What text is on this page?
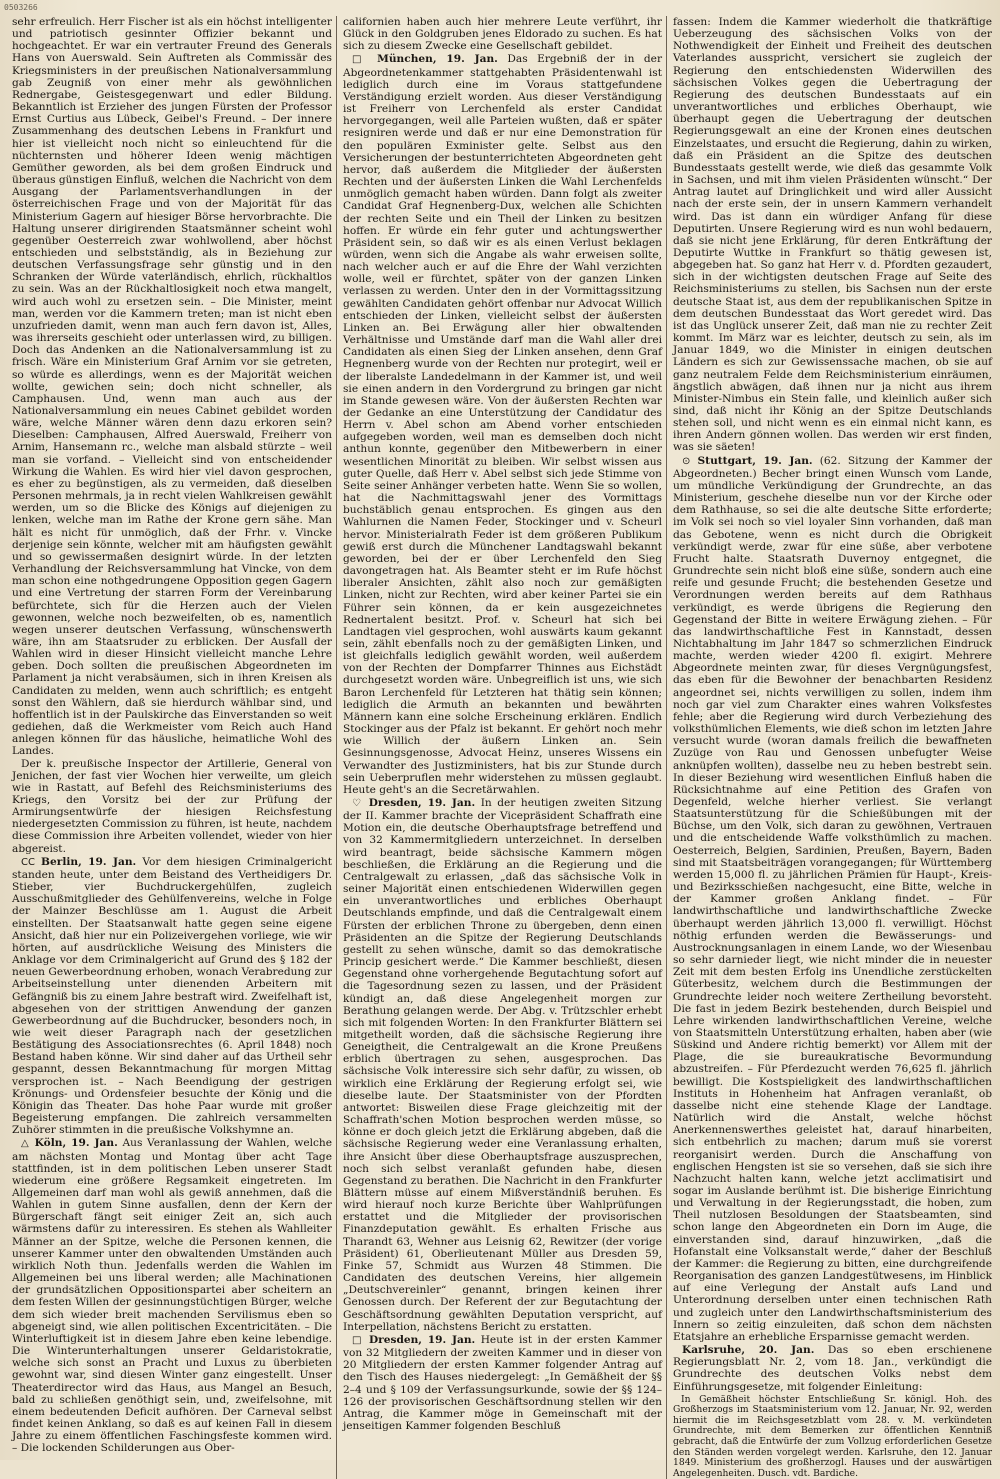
0503266

sehr erfreulich. Herr Fischer ist als ein höchst intelligenter und patriotisch gesinnter Offizier bekannt und hochgeachtet. Er war ein vertrauter Freund des Generals Hans von Auerswald. Sein Auftreten als Commissär des Kriegsministers in der preußischen Nationalversammlung gab Zeugniß von einer mehr als gewöhnlichen Rednergabe, Geistesgegenwart und edler Bildung. Bekanntlich ist Erzieher des jungen Fürsten der Professor Ernst Curtius aus Lübeck, Geibel's Freund. – Der innere Zusammenhang des deutschen Lebens in Frankfurt und hier ist vielleicht noch nicht so einleuchtend für die nüchternsten und höherer Ideen wenig mächtigen Gemüther geworden, als bei dem großen Eindruck und überaus günstigen Einfluß, welchen die Nachricht von dem Ausgang der Parlamentsverhandlungen in der österreichischen Frage und von der Majorität für das Ministerium Gagern auf hiesiger Börse hervorbrachte. Die Haltung unserer dirigirenden Staatsmänner scheint wohl gegenüber Oesterreich zwar wohlwollend, aber höchst entschieden und selbstständig, als in Beziehung zur deutschen Verfassungsfrage sehr günstig und in den Schranken der Würde vaterländisch, ehrlich, rückhaltlos zu sein. Was an der Rückhaltlosigkeit noch etwa mangelt, wird auch wohl zu ersetzen sein. – Die Minister, meint man, werden vor die Kammern treten; man ist nicht eben unzufrieden damit, wenn man auch fern davon ist, Alles, was ihrerseits geschieht oder unterlassen wird, zu billigen. Doch das Andenken an die Nationalversammlung ist zu frisch. Wäre ein Ministerium Graf Arnim vor sie getreten, so würde es allerdings, wenn es der Majorität weichen wollte, gewichen sein; doch nicht schneller, als Camphausen. Und, wenn man auch aus der Nationalversammlung ein neues Cabinet gebildet worden wäre, welche Männer wären denn dazu erkoren sein? Dieselben: Camphausen, Alfred Auerswald, Freiherr von Arnim, Hansemann rc., welche man alsbald stürzte – weil man sie vorfand. – Vielleicht sind von entscheidender Wirkung die Wahlen. Es wird hier viel davon gesprochen, es eher zu begünstigen, als zu vermeiden, daß dieselben Personen mehrmals, ja in recht vielen Wahlkreisen gewählt werden, um so die Blicke des Königs auf diejenigen zu lenken, welche man im Rathe der Krone gern sähe. Man hält es nicht für unmöglich, daß der Frhr. v. Vincke derjenige sein könnte, welcher mit am häufigsten gewählt und so gewissermaßen designirt würde. In der letzten Verhandlung der Reichsversammlung hat Vincke, von dem man schon eine nothgedrungene Opposition gegen Gagern und eine Vertretung der starren Form der Vereinbarung befürchtete, sich für die Herzen auch der Vielen gewonnen, welche noch bezweifelten, ob es, namentlich wegen unserer deutschen Verfassung, wünschenswerth wäre, ihn am Staatsruder zu erblicken. Der Ausfall der Wahlen wird in dieser Hinsicht vielleicht manche Lehre geben. Doch sollten die preußischen Abgeordneten im Parlament ja nicht verabsäumen, sich in ihren Kreisen als Candidaten zu melden, wenn auch schriftlich; es entgeht sonst den Wählern, daß sie hierdurch wählbar sind, und hoffentlich ist in der Paulskirche das Einverstanden so weit gediehen, daß die Werkmeister vom Reich auch Hand anlegen können für das häusliche, heimatliche Wohl des Landes.

Der k. preußische Inspector der Artillerie, General von Jenichen, der fast vier Wochen hier verweilte, um gleich wie in Rastatt, auf Befehl des Reichsministeriums des Kriegs, den Vorsitz bei der zur Prüfung der Armirungsentwürfe der hiesigen Reichsfestung niedergesetzten Commission zu führen, ist heute, nachdem diese Commission ihre Arbeiten vollendet, wieder von hier abgereist.

CC Berlin, 19. Jan. Vor dem hiesigen Criminalgericht standen heute, unter dem Beistand des Vertheidigers Dr. Stieber, vier Buchdruckergehülfen, zugleich Ausschußmitglieder des Gehülfenvereins, welche in Folge der Mainzer Beschlüsse am 1. August die Arbeit einstellten. Der Staatsanwalt hatte gegen seine eigene Ansicht, daß hier nur ein Polizeivergehen vorliege, wie wir hörten, auf ausdrückliche Weisung des Ministers die Anklage vor dem Criminalgericht auf Grund des § 182 der neuen Gewerbeordnung erhoben, wonach Verabredung zur Arbeitseinstellung unter dienenden Arbeitern mit Gefängniß bis zu einem Jahre bestraft wird. Zweifelhaft ist, abgesehen von der strittigen Anwendung der ganzen Gewerbeordnung auf die Buchdrucker, besonders noch, in wie weit dieser Paragraph nach der gesetzlichen Bestätigung des Associationsrechtes (6. April 1848) noch Bestand haben könne. Wir sind daher auf das Urtheil sehr gespannt, dessen Bekanntmachung für morgen Mittag versprochen ist. – Nach Beendigung der gestrigen Krönungs- und Ordensfeier besuchte der König und die Königin das Theater. Das hohe Paar wurde mit großer Begeisterung empfangen. Die zahlreich versammelten Zuhörer stimmten in die preußische Volkshymne an.

△ Köln, 19. Jan. Aus Veranlassung der Wahlen, welche am nächsten Montag und Montag über acht Tage stattfinden, ist in dem politischen Leben unserer Stadt wiederum eine größere Regsamkeit eingetreten. Im Allgemeinen darf man wohl als gewiß annehmen, daß die Wahlen in gutem Sinne ausfallen, denn der Kern der Bürgerschaft fängt seit einiger Zeit an, sich auch wärmstens dafür zu interessiren. Es stehen als Wahlleiter Männer an der Spitze, welche die Personen kennen, die unserer Kammer unter den obwaltenden Umständen auch wirklich Noth thun. Jedenfalls werden die Wahlen im Allgemeinen bei uns liberal werden; alle Machinationen der grundsätzlichen Oppositionspartei aber scheitern an dem festen Willen der gesinnungstüchtigen Bürger, welche dem sich wieder breit machenden Servilismus eben so abgeneigt sind, wie allen politischen Excentricitäten. – Die Winterluftigkeit ist in diesem Jahre eben keine lebendige. Die Winterunterhaltungen unserer Geldaristokratie, welche sich sonst an Pracht und Luxus zu überbieten gewohnt war, sind diesen Winter ganz eingestellt. Unser Theaterdirector wird das Haus, aus Mangel an Besuch, bald zu schließen genöthigt sein, und, zweifelsohne, mit einem bedeutenden Deficit aufhören. Der Carneval selbst findet keinen Anklang, so daß es auf keinen Fall in diesem Jahre zu einem öffentlichen Faschingsfeste kommen wird. – Die lockenden Schilderungen aus Ober-

californien haben auch hier mehrere Leute verführt, ihr Glück in den Goldgruben jenes Eldorado zu suchen. Es hat sich zu diesem Zwecke eine Gesellschaft gebildet.

□ München, 19. Jan. Das Ergebniß der in der Abgeordnetenkammer stattgehabten Präsidentenwahl ist lediglich durch eine im Voraus stattgefundene Verständigung erzielt worden. Aus dieser Verständigung ist Freiherr von Lerchenfeld als erster Candidat hervorgegangen, weil alle Parteien wußten, daß er später resigniren werde und daß er nur eine Demonstration für den populären Exminister gelte. Selbst aus den Versicherungen der bestunterrichteten Abgeordneten geht hervor, daß außerdem die Mitglieder der äußersten Rechten und der äußersten Linken die Wahl Lerchenfelds unmöglich gemacht haben würden. Dann folgt als zweiter Candidat Graf Hegnenberg-Dux, welchen alle Schichten der rechten Seite und ein Theil der Linken zu besitzen hoffen. Er würde ein fehr guter und achtungswerther Präsident sein, so daß wir es als einen Verlust beklagen würden, wenn sich die Angabe als wahr erweisen sollte, nach welcher auch er auf die Ehre der Wahl verzichten wolle, weil er fürchtet, später von der ganzen Linken verlassen zu werden. Unter den in der Vormittagssitzung gewählten Candidaten gehört offenbar nur Advocat Willich entschieden der Linken, vielleicht selbst der äußersten Linken an. Bei Erwägung aller hier obwaltenden Verhältnisse und Umstände darf man die Wahl aller drei Candidaten als einen Sieg der Linken ansehen, denn Graf Hegnenberg wurde von der Rechten nur protegirt, weil er der liberalste Landedelmann in der Kammer ist, und weil sie einen andern in den Vordergrund zu bringen gar nicht im Stande gewesen wäre. Von der äußersten Rechten war der Gedanke an eine Unterstützung der Candidatur des Herrn v. Abel schon am Abend vorher entschieden aufgegeben worden, weil man es demselben doch nicht anthun konnte, gegenüber den Mitbewerbern in einer wesentlichen Minorität zu bleiben. Wir selbst wissen aus guter Quelle, daß Herr v. Abel selbst sich jede Stimme von Seite seiner Anhänger verbeten hatte. Wenn Sie so wollen, hat die Nachmittagswahl jener des Vormittags buchstäblich genau entsprochen. Es gingen aus den Wahlurnen die Namen Feder, Stockinger und v. Scheurl hervor. Ministerialrath Feder ist dem größeren Publikum gewiß erst durch die Münchener Landtagswahl bekannt geworden, bei der er über Lerchenfeld den Sieg davongetragen hat. Als Beamter steht er im Rufe höchst liberaler Ansichten, zählt also noch zur gemäßigten Linken, nicht zur Rechten, wird aber keiner Partei sie ein Führer sein können, da er kein ausgezeichnetes Rednertalent besitzt. Prof. v. Scheurl hat sich bei Landtagen viel gesprochen, wohl auswärts kaum gekannt sein, zählt ebenfalls noch zu der gemäßigten Linken, und ist gleichfalls lediglich gewählt worden, weil außerdem von der Rechten der Dompfarrer Thinnes aus Eichstädt durchgesetzt worden wäre. Unbegreiflich ist uns, wie sich Baron Lerchenfeld für Letzteren hat thätig sein können; lediglich die Armuth an bekannten und bewährten Männern kann eine solche Erscheinung erklären. Endlich Stockinger aus der Pfalz ist bekannt. Er gehört noch mehr wie Willich der äußern Linken an. Sein Gesinnungsgenosse, Advocat Heinz, unseres Wissens ein Verwandter des Justizministers, hat bis zur Stunde durch sein Ueberpruflen mehr widerstehen zu müssen geglaubt. Heute geht's an die Secretärwahlen.

♡ Dresden, 19. Jan. In der heutigen zweiten Sitzung der II. Kammer brachte der Vicepräsident Schaffrath eine Motion ein, die deutsche Oberhauptsfrage betreffend und von 32 Kammermitgliedern unterzeichnet. In derselben wird beantragt, beide sächsische Kammern mögen beschließen, die Erklärung an die Regierung und die Centralgewalt zu erlassen, „daß das sächsische Volk in seiner Majorität einen entschiedenen Widerwillen gegen ein unverantwortliches und erbliches Oberhaupt Deutschlands empfinde, und daß die Centralgewalt einem Fürsten der erblichen Throne zu übergeben, denn einen Präsidenten an die Spitze der Regierung Deutschlands gestellt zu sehen wünsche, damit so das demokratische Princip gesichert werde.“ Die Kammer beschließt, diesen Gegenstand ohne vorhergehende Begutachtung sofort auf die Tagesordnung sezen zu lassen, und der Präsident kündigt an, daß diese Angelegenheit morgen zur Berathung gelangen werde. Der Abg. v. Trützschler erhebt sich mit folgenden Worten: In den Frankfurter Blättern sei mitgetheilt worden, daß die sächsische Regierung ihre Geneigtheit, die Centralgewalt an die Krone Preußens erblich übertragen zu sehen, ausgesprochen. Das sächsische Volk interessire sich sehr dafür, zu wissen, ob wirklich eine Erklärung der Regierung erfolgt sei, wie dieselbe laute. Der Staatsminister von der Pfordten antwortet: Bisweilen diese Frage gleichzeitig mit der Schaffrath'schen Motion besprochen werden müsse, so könne er doch gleich jetzt die Erklärung abgeben, daß die sächsische Regierung weder eine Veranlassung erhalten, ihre Ansicht über diese Oberhauptsfrage auszusprechen, noch sich selbst veranlaßt gefunden habe, diesen Gegenstand zu berathen. Die Nachricht in den Frankfurter Blättern müsse auf einem Mißverständniß beruhen. Es wird hierauf noch kurze Berichte über Wahlprüfungen erstattet und die Mitglieder der provisorischen Finanzdeputation gewählt. Es erhalten Frische aus Tharandt 63, Wehner aus Leisnig 62, Rewitzer (der vorige Präsident) 61, Oberlieutenant Müller aus Dresden 59, Finke 57, Schmidt aus Wurzen 48 Stimmen. Die Candidaten des deutschen Vereins, hier allgemein „Deutschvereinler“ genannt, bringen keinen ihrer Genossen durch. Der Referent der zur Begutachtung der Geschäftsordnung gewählten Deputation verspricht, auf Interpellation, nächstens Bericht zu erstatten.

□ Dresden, 19. Jan. Heute ist in der ersten Kammer von 32 Mitgliedern der zweiten Kammer und in dieser von 20 Mitgliedern der ersten Kammer folgender Antrag auf den Tisch des Hauses niedergelegt: „In Gemäßheit der §§ 2–4 und § 109 der Verfassungsurkunde, sowie der §§ 124–126 der provisorischen Geschäftsordnung stellen wir den Antrag, die Kammer möge in Gemeinschaft mit der jenseitigen Kammer folgenden Beschluß

fassen: Indem die Kammer wiederholt die thatkräftige Ueberzeugung des sächsischen Volks von der Nothwendigkeit der Einheit und Freiheit des deutschen Vaterlandes ausspricht, versichert sie zugleich der Regierung den entschiedensten Widerwillen des sächsischen Volkes gegen die Uebertragung der Regierung des deutschen Bundesstaats auf ein unverantwortliches und erbliches Oberhaupt, wie überhaupt gegen die Uebertragung der deutschen Regierungsgewalt an eine der Kronen eines deutschen Einzelstaates, und ersucht die Regierung, dahin zu wirken, daß ein Präsident an die Spitze des deutschen Bundesstaats gestellt werde, wie dieß das gesammte Volk in Sachsen, und mit ihm vielen Präsidenten wünscht.“ Der Antrag lautet auf Dringlichkeit und wird aller Aussicht nach der erste sein, der in unsern Kammern verhandelt wird. Das ist dann ein würdiger Anfang für diese Deputirten. Unsere Regierung wird es nun wohl bedauern, daß sie nicht jene Erklärung, für deren Entkräftung der Deputirte Wuttke in Frankfurt so thätig gewesen ist, abgegeben hat. So ganz hat Herr v. d. Pfordten gezaudert, sich in der wichtigsten deutschen Frage auf Seite des Reichsministeriums zu stellen, bis Sachsen nun der erste deutsche Staat ist, aus dem der republikanischen Spitze in dem deutschen Bundesstaat das Wort geredet wird. Das ist das Unglück unserer Zeit, daß man nie zu rechter Zeit kommt. Im März war es leichter, deutsch zu sein, als im Januar 1849, wo die Minister in einigen deutschen Ländern es sich zur Gewissenssache machen, ob sie auf ganz neutralem Felde dem Reichsministerium einräumen, ängstlich abwägen, daß ihnen nur ja nicht aus ihrem Minister-Nimbus ein Stein falle, und kleinlich außer sich sind, daß nicht ihr König an der Spitze Deutschlands stehen soll, und nicht wenn es ein einmal nicht kann, es ihren Andern gönnen wollen. Das werden wir erst finden, was sie säeten!

⊙ Stuttgart, 19. Jan. (62. Sitzung der Kammer der Abgeordneten.) Becher bringt einen Wunsch vom Lande, um mündliche Verkündigung der Grundrechte, an das Ministerium, geschehe dieselbe nun vor der Kirche oder dem Rathhause, so sei die alte deutsche Sitte erforderte; im Volk sei noch so viel loyaler Sinn vorhanden, daß man das Gebotene, wenn es nicht durch die Obrigkeit verkündigt werde, zwar für eine süße, aber verbotene Frucht halte. Staatsrath Duvernoy entgegnet, die Grundrechte sein nicht bloß eine süße, sondern auch eine reife und gesunde Frucht; die bestehenden Gesetze und Verordnungen werden bereits auf dem Rathhaus verkündigt, es werde übrigens die Regierung den Gegenstand der Bitte in weitere Erwägung ziehen. – Für das landwirthschaftliche Fest in Kannstadt, dessen Nichtabhaltung im Jahr 1847 so schmerzlichen Eindruck machte, werden wieder 4200 fl. exigirt. Mehrere Abgeordnete meinten zwar, für dieses Vergnügungsfest, das eben für die Bewohner der benachbarten Residenz angeordnet sei, nichts verwilligen zu sollen, indem ihm noch gar viel zum Charakter eines wahren Volksfestes fehle; aber die Regierung wird durch Verbeziehung des volksthümlichen Elements, wie dieß schon im letzten Jahre versucht wurde (woran damals freilich die bewaffneten Zuzüge von Rau und Genossen unbefugter Weise anknüpfen wollten), dasselbe neu zu heben bestrebt sein. In dieser Beziehung wird wesentlichen Einfluß haben die Rücksichtnahme auf eine Petition des Grafen von Degenfeld, welche hierher verliest. Sie verlangt Staatsunterstützung für die Schießübungen mit der Büchse, um den Volk, sich daran zu gewöhnen, Vertrauen und die entscheidende Waffe volksthümlich zu machen. Oesterreich, Belgien, Sardinien, Preußen, Bayern, Baden sind mit Staatsbeiträgen vorangegangen; für Württemberg werden 15,000 fl. zu jährlichen Prämien für Haupt-, Kreis- und Bezirksschießen nachgesucht, eine Bitte, welche in der Kammer großen Anklang findet. – Für landwirthschaftliche und landwirthschaftliche Zwecke überhaupt werden jährlich 13,000 fl. verwilligt. Höchst nöthig erfunden werden die Bewässerungs- und Austrocknungsanlagen in einem Lande, wo der Wiesenbau so sehr darnieder liegt, wie nicht minder die in neuester Zeit mit dem besten Erfolg ins Unendliche zerstückelten Güterbesitz, welchem durch die Bestimmungen der Grundrechte leider noch weitere Zertheilung bevorsteht. Die fast in jedem Bezirk bestehenden, durch Beispiel und Lehre wirkenden landwirthschaftlichen Vereine, welche von Staatsmitteln Unterstützung erhalten, haben aber (wie Süskind und Andere richtig bemerkt) vor Allem mit der Plage, die sie bureaukratische Bevormundung abzustreifen. – Für Pferdezucht werden 76,625 fl. jährlich bewilligt. Die Kostspieligkeit des landwirthschaftlichen Instituts in Hohenheim hat Anfragen veranlaßt, ob dasselbe nicht eine stehende Klage der Landtage. Natürlich wird die Anstalt, welche höchst Anerkennenswerthes geleistet hat, darauf hinarbeiten, sich entbehrlich zu machen; darum muß sie vorerst reorganisirt werden. Durch die Anschaffung von englischen Hengsten ist sie so versehen, daß sie sich ihre Nachzucht halten kann, welche jetzt acclimatisirt und sogar im Auslande berühmt ist. Die bisherige Einrichtung und Verwaltung in der Regierungsstadt, die hoben, zum Theil nutzlosen Besoldungen der Staatsbeamten, sind schon lange den Abgeordneten ein Dorn im Auge, die einverstanden sind, darauf hinzuwirken, „daß die Hofanstalt eine Volksanstalt werde,“ daher der Beschluß der Kammer: die Regierung zu bitten, eine durchgreifende Reorganisation des ganzen Landgestütwesens, im Hinblick auf eine Verlegung der Anstalt aufs Land und Unterordnung derselben unter einen technischen Rath und zugleich unter den Landwirthschaftsministerium des Innern so zeitig einzuleiten, daß schon dem nächsten Etatsjahre an erhebliche Ersparnisse gemacht werden.

Karlsruhe, 20. Jan. Das so eben erschienene Regierungsblatt Nr. 2, vom 18. Jan., verkündigt die Grundrechte des deutschen Volks nebst dem Einführungsgesetze, mit folgender Einleitung:

In Gemäßheit höchster Entschließung Sr. königl. Hoh. des Großherzogs im Staatsministerium vom 12. Januar, Nr. 92, werden hiermit die im Reichsgesetzblatt vom 28. v. M. verkündeten Grundrechte, mit dem Bemerken zur öffentlichen Kenntniß gebracht, daß die Entwürfe der zum Vollzug erforderlichen Gesetze den Ständen werden vorgelegt werden. Karlsruhe, den 12. Januar 1849. Ministerium des großherzogl. Hauses und der auswärtigen Angelegenheiten. Dusch. vdt. Bardiche.
